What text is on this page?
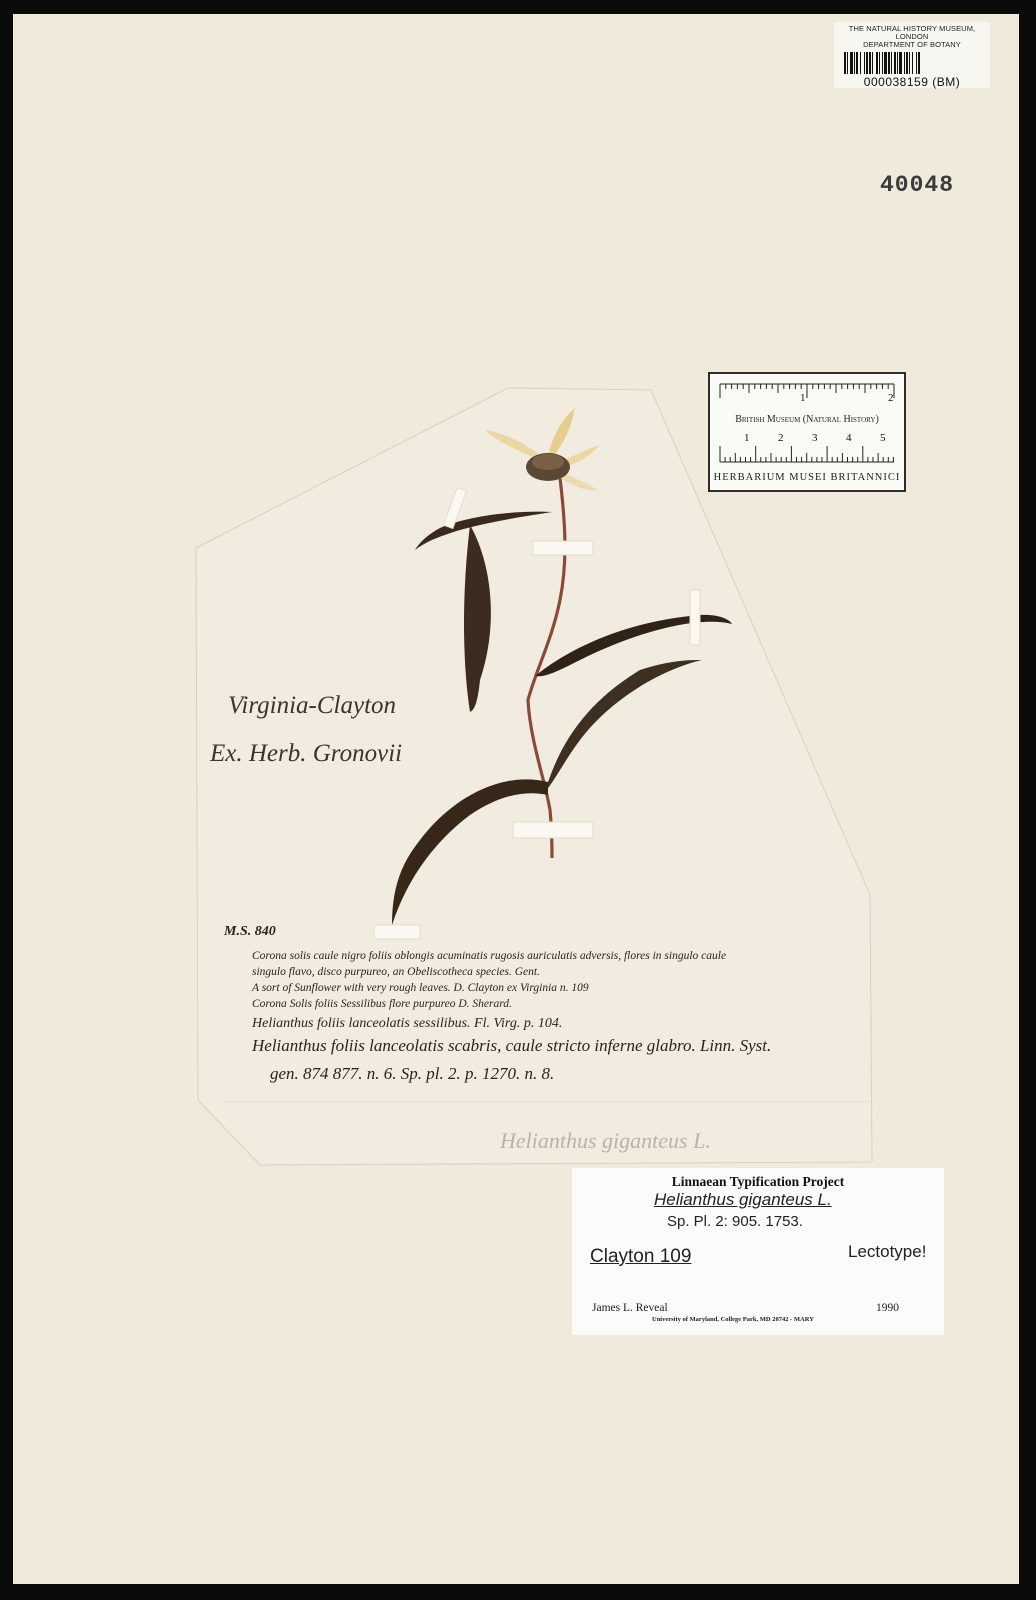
THE NATURAL HISTORY MUSEUM, LONDON
DEPARTMENT OF BOTANY
000038159 (BM)
40048
1	2
British Museum (Natural History)
1	2	3	4	5
HERBARIUM MUSEI BRITANNICI
Virginia-Clayton
Ex. Herb. Gronovii
M.S. 840
Corona solis caule nigro foliis oblongis acuminatis rugosis auriculatis adversis, flores in singulo caule
singulo flavo, disco purpureo, an Obeliscotheca species. Gent.
A sort of Sunflower with very rough leaves. D. Clayton ex Virginia n. 109
Corona Solis foliis Sessilibus flore purpureo D. Sherard.
Helianthus foliis lanceolatis sessilibus. Fl. Virg. p. 104.
Helianthus foliis lanceolatis scabris, caule stricto inferne glabro. Linn. Syst.
gen. 874 877. n. 6. Sp. pl. 2. p. 1270. n. 8.
Helianthus giganteus L.
Linnaean Typification Project
Helianthus giganteus L.
Sp. Pl. 2: 905. 1753.
Clayton 109	Lectotype!
James L. Reveal	1990
University of Maryland, College Park, MD 20742 - MARY
